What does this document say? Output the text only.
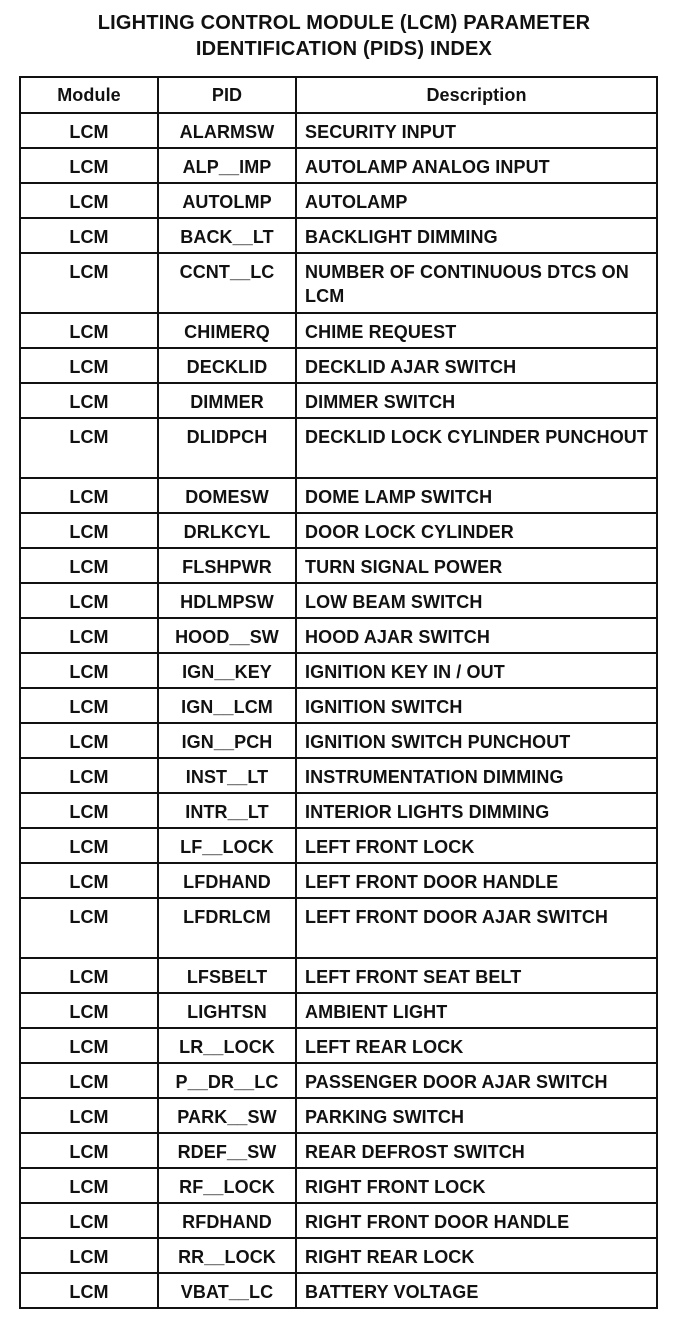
LIGHTING CONTROL MODULE (LCM) PARAMETER
IDENTIFICATION (PIDS) INDEX
Module	PID	Description
LCM	ALARMSW	SECURITY INPUT
LCM	ALP__IMP	AUTOLAMP ANALOG INPUT
LCM	AUTOLMP	AUTOLAMP
LCM	BACK__LT	BACKLIGHT DIMMING
LCM	CCNT__LC	NUMBER OF CONTINUOUS DTCS ON LCM
LCM	CHIMERQ	CHIME REQUEST
LCM	DECKLID	DECKLID AJAR SWITCH
LCM	DIMMER	DIMMER SWITCH
LCM	DLIDPCH	DECKLID LOCK CYLINDER PUNCHOUT
LCM	DOMESW	DOME LAMP SWITCH
LCM	DRLKCYL	DOOR LOCK CYLINDER
LCM	FLSHPWR	TURN SIGNAL POWER
LCM	HDLMPSW	LOW BEAM SWITCH
LCM	HOOD__SW	HOOD AJAR SWITCH
LCM	IGN__KEY	IGNITION KEY IN / OUT
LCM	IGN__LCM	IGNITION SWITCH
LCM	IGN__PCH	IGNITION SWITCH PUNCHOUT
LCM	INST__LT	INSTRUMENTATION DIMMING
LCM	INTR__LT	INTERIOR LIGHTS DIMMING
LCM	LF__LOCK	LEFT FRONT LOCK
LCM	LFDHAND	LEFT FRONT DOOR HANDLE
LCM	LFDRLCM	LEFT FRONT DOOR AJAR SWITCH
LCM	LFSBELT	LEFT FRONT SEAT BELT
LCM	LIGHTSN	AMBIENT LIGHT
LCM	LR__LOCK	LEFT REAR LOCK
LCM	P__DR__LC	PASSENGER DOOR AJAR SWITCH
LCM	PARK__SW	PARKING SWITCH
LCM	RDEF__SW	REAR DEFROST SWITCH
LCM	RF__LOCK	RIGHT FRONT LOCK
LCM	RFDHAND	RIGHT FRONT DOOR HANDLE
LCM	RR__LOCK	RIGHT REAR LOCK
LCM	VBAT__LC	BATTERY VOLTAGE
